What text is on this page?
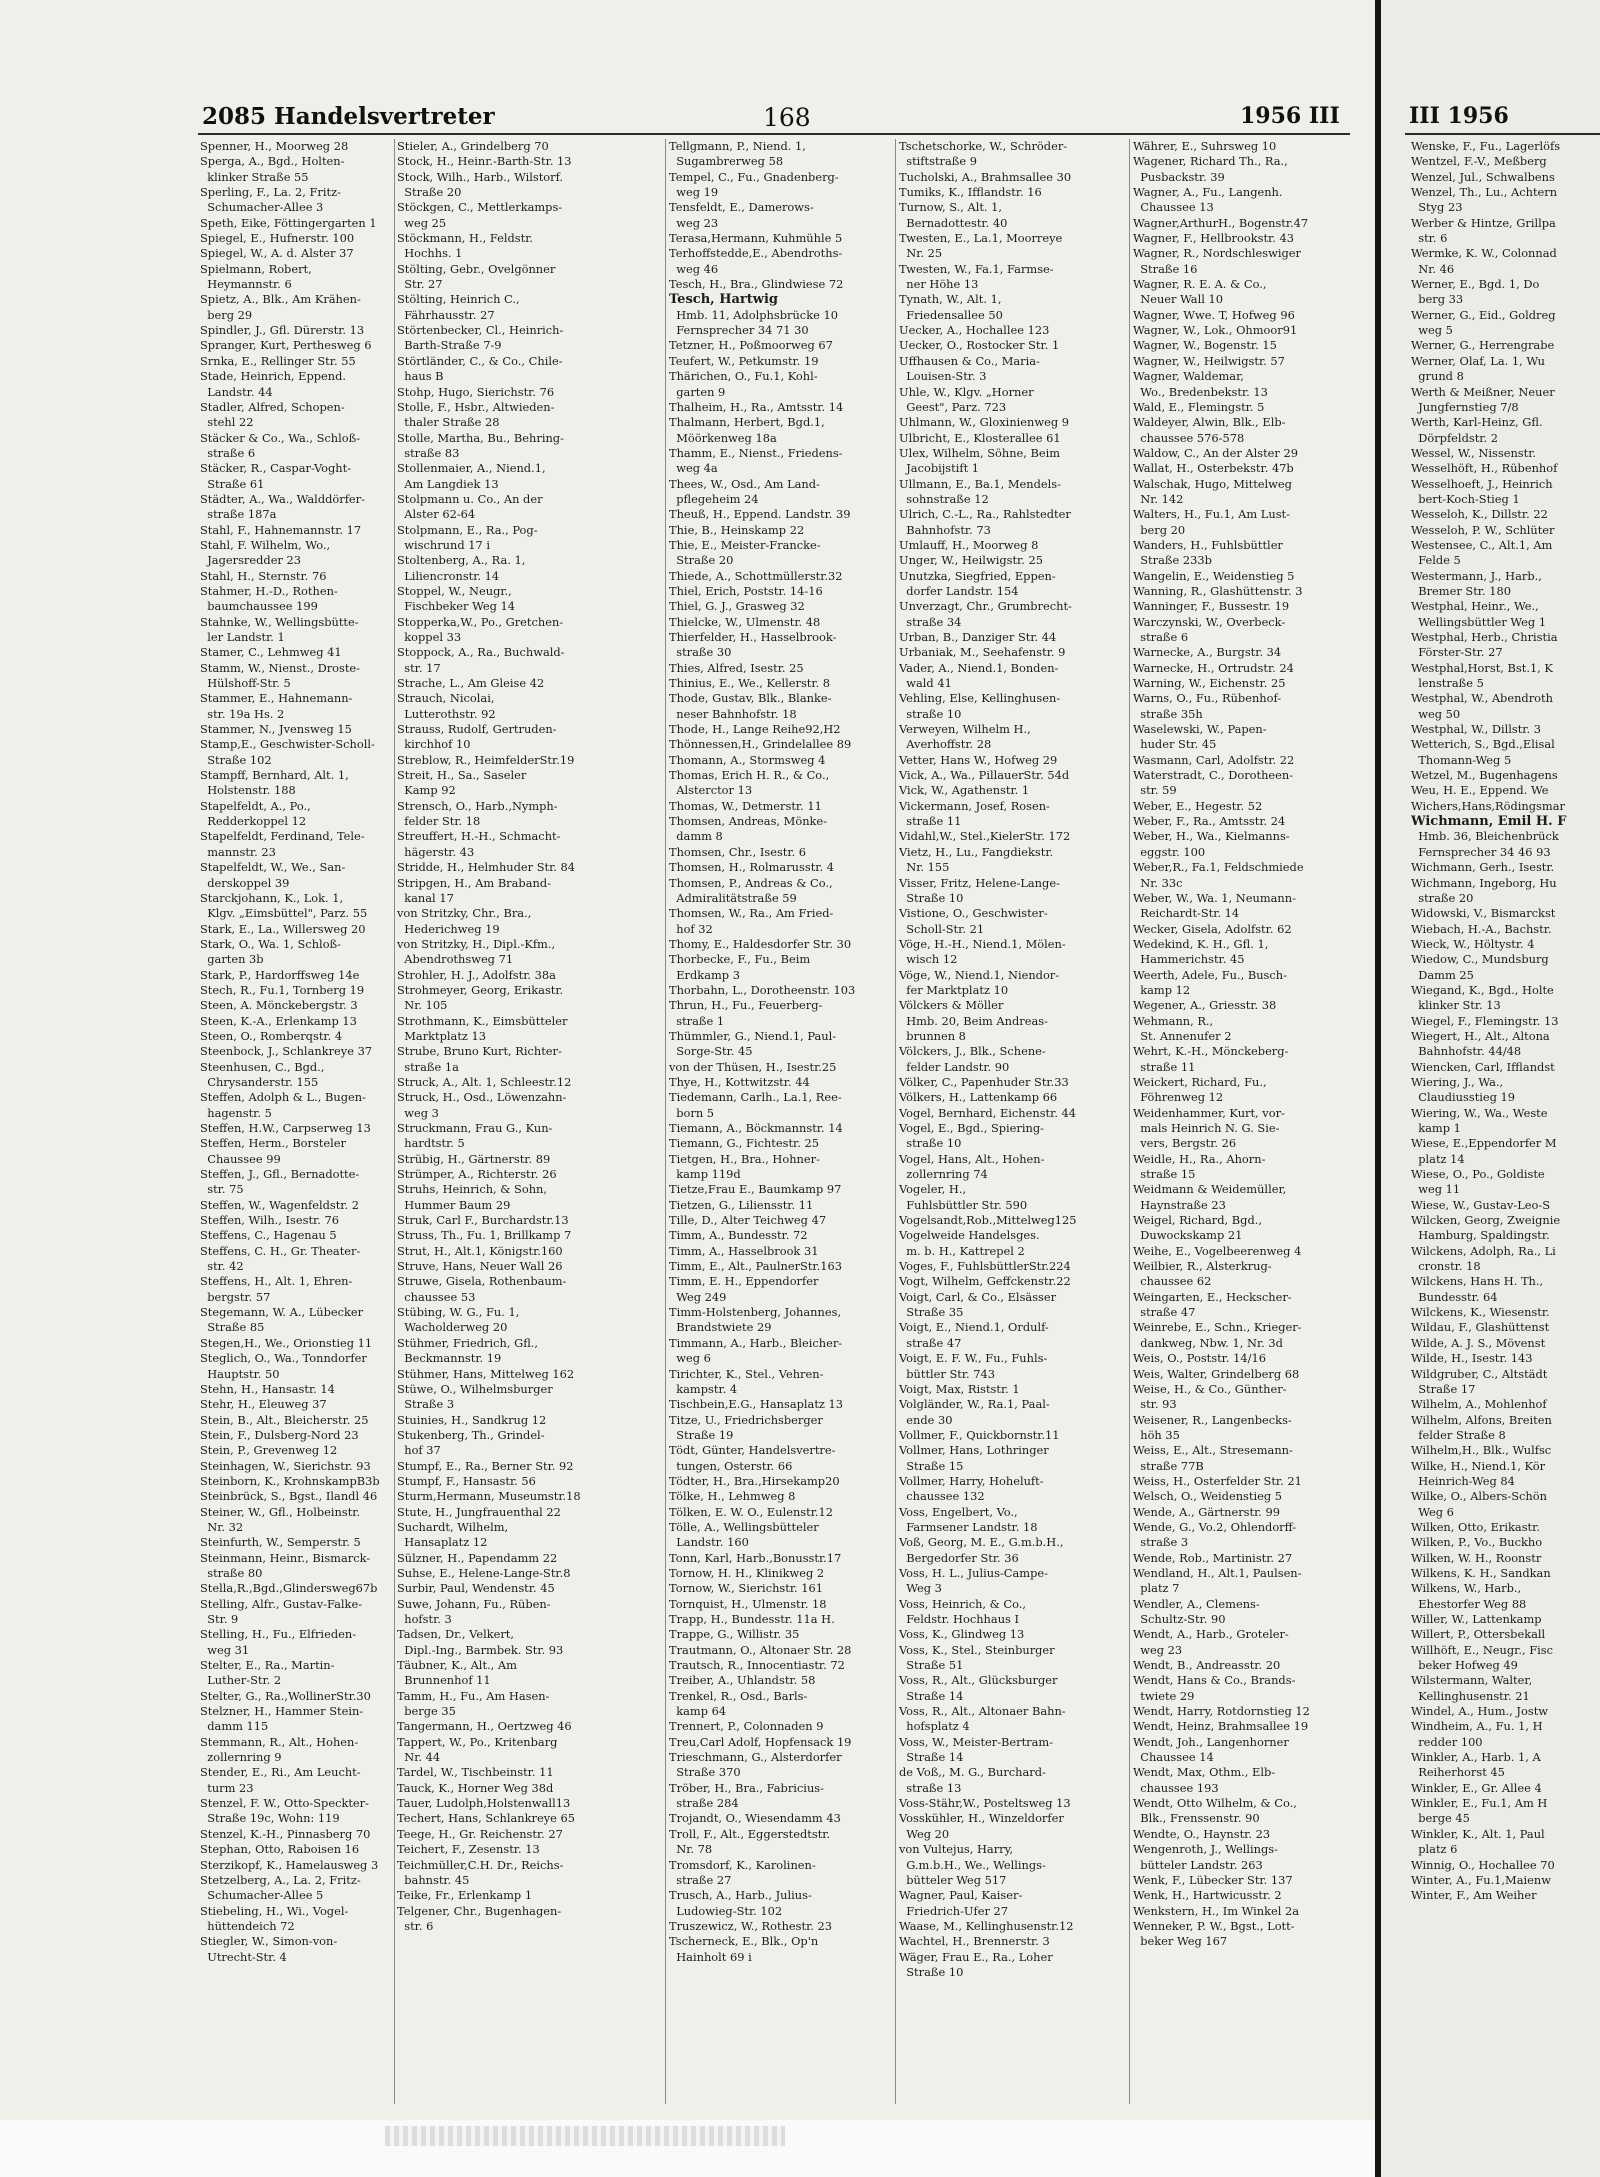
2085 Handelsvertreter	168	1956 III	III 1956
Spenner, H., Moorweg 28
Sperga, A., Bgd., Holten-
klinker Straße 55
Sperling, F., La. 2, Fritz-
Schumacher-Allee 3
Speth, Eike, Föttingergarten 1
Spiegel, E., Hufnerstr. 100
Spiegel, W., A. d. Alster 37
Spielmann, Robert,
Heymannstr. 6
Spietz, A., Blk., Am Krähen-
berg 29
Spindler, J., Gfl. Dürerstr. 13
Spranger, Kurt, Perthesweg 6
Srnka, E., Rellinger Str. 55
Stade, Heinrich, Eppend.
Landstr. 44
Stadler, Alfred, Schopen-
stehl 22
Stäcker & Co., Wa., Schloß-
straße 6
Stäcker, R., Caspar-Voght-
Straße 61
Städter, A., Wa., Walddörfer-
straße 187a
Stahl, F., Hahnemannstr. 17
Stahl, F. Wilhelm, Wo.,
Jagersredder 23
Stahl, H., Sternstr. 76
Stahmer, H.-D., Rothen-
baumchaussee 199
Stahnke, W., Wellingsbütte-
ler Landstr. 1
Stamer, C., Lehmweg 41
Stamm, W., Nienst., Droste-
Hülshoff-Str. 5
Stammer, E., Hahnemann-
str. 19a Hs. 2
Stammer, N., Jvensweg 15
Stamp,E., Geschwister-Scholl-
Straße 102
Stampff, Bernhard, Alt. 1,
Holstenstr. 188
Stapelfeldt, A., Po.,
Redderkoppel 12
Stapelfeldt, Ferdinand, Tele-
mannstr. 23
Stapelfeldt, W., We., San-
derskoppel 39
Starckjohann, K., Lok. 1,
Klgv. „Eimsbüttel", Parz. 55
Stark, E., La., Willersweg 20
Stark, O., Wa. 1, Schloß-
garten 3b
Stark, P., Hardorffsweg 14e
Stech, R., Fu.1, Tornberg 19
Steen, A. Mönckebergstr. 3
Steen, K.-A., Erlenkamp 13
Steen, O., Romberqstr. 4
Steenbock, J., Schlankreye 37
Steenhusen, C., Bgd.,
Chrysanderstr. 155
Steffen, Adolph & L., Bugen-
hagenstr. 5
Steffen, H.W., Carpserweg 13
Steffen, Herm., Borsteler
Chaussee 99
Steffen, J., Gfl., Bernadotte-
str. 75
Steffen, W., Wagenfeldstr. 2
Steffen, Wilh., Isestr. 76
Steffens, C., Hagenau 5
Steffens, C. H., Gr. Theater-
str. 42
Steffens, H., Alt. 1, Ehren-
bergstr. 57
Stegemann, W. A., Lübecker
Straße 85
Stegen,H., We., Orionstieg 11
Steglich, O., Wa., Tonndorfer
Hauptstr. 50
Stehn, H., Hansastr. 14
Stehr, H., Eleuweg 37
Stein, B., Alt., Bleicherstr. 25
Stein, F., Dulsberg-Nord 23
Stein, P., Grevenweg 12
Steinhagen, W., Sierichstr. 93
Steinborn, K., KrohnskampB3b
Steinbrück, S., Bgst., Ilandl 46
Steiner, W., Gfl., Holbeinstr.
Nr. 32
Steinfurth, W., Semperstr. 5
Steinmann, Heinr., Bismarck-
straße 80
Stella,R.,Bgd.,Glindersweg67b
Stelling, Alfr., Gustav-Falke-
Str. 9
Stelling, H., Fu., Elfrieden-
weg 31
Stelter, E., Ra., Martin-
Luther-Str. 2
Stelter, G., Ra.,WollinerStr.30
Stelzner, H., Hammer Stein-
damm 115
Stemmann, R., Alt., Hohen-
zollernring 9
Stender, E., Ri., Am Leucht-
turm 23
Stenzel, F. W., Otto-Speckter-
Straße 19c, Wohn: 119
Stenzel, K.-H., Pinnasberg 70
Stephan, Otto, Raboisen 16
Sterzikopf, K., Hamelausweg 3
Stetzelberg, A., La. 2, Fritz-
Schumacher-Allee 5
Stiebeling, H., Wi., Vogel-
hüttendeich 72
Stiegler, W., Simon-von-
Utrecht-Str. 4
Stieler, A., Grindelberg 70
Stock, H., Heinr.-Barth-Str. 13
Stock, Wilh., Harb., Wilstorf.
Straße 20
Stöckgen, C., Mettlerkamps-
weg 25
Stöckmann, H., Feldstr.
Hochhs. 1
Stölting, Gebr., Ovelgönner
Str. 27
Stölting, Heinrich C.,
Fährhausstr. 27
Störtenbecker, Cl., Heinrich-
Barth-Straße 7-9
Störtländer, C., & Co., Chile-
haus B
Stohp, Hugo, Sierichstr. 76
Stolle, F., Hsbr., Altwieden-
thaler Straße 28
Stolle, Martha, Bu., Behring-
straße 83
Stollenmaier, A., Niend.1,
Am Langdiek 13
Stolpmann u. Co., An der
Alster 62-64
Stolpmann, E., Ra., Pog-
wischrund 17 i
Stoltenberg, A., Ra. 1,
Liliencronstr. 14
Stoppel, W., Neugr.,
Fischbeker Weg 14
Stopperka,W., Po., Gretchen-
koppel 33
Stoppock, A., Ra., Buchwald-
str. 17
Strache, L., Am Gleise 42
Strauch, Nicolai,
Lutterothstr. 92
Strauss, Rudolf, Gertruden-
kirchhof 10
Streblow, R., HeimfelderStr.19
Streit, H., Sa., Saseler
Kamp 92
Strensch, O., Harb.,Nymph-
felder Str. 18
Streuffert, H.-H., Schmacht-
hägerstr. 43
Stridde, H., Helmhuder Str. 84
Stripgen, H., Am Braband-
kanal 17
von Stritzky, Chr., Bra.,
Hederichweg 19
von Stritzky, H., Dipl.-Kfm.,
Abendrothsweg 71
Strohler, H. J., Adolfstr. 38a
Strohmeyer, Georg, Erikastr.
Nr. 105
Strothmann, K., Eimsbütteler
Marktplatz 13
Strube, Bruno Kurt, Richter-
straße 1a
Struck, A., Alt. 1, Schleestr.12
Struck, H., Osd., Löwenzahn-
weg 3
Struckmann, Frau G., Kun-
hardtstr. 5
Strübig, H., Gärtnerstr. 89
Strümper, A., Richterstr. 26
Struhs, Heinrich, & Sohn,
Hummer Baum 29
Struk, Carl F., Burchardstr.13
Struss, Th., Fu. 1, Brillkamp 7
Strut, H., Alt.1, Königstr.160
Struve, Hans, Neuer Wall 26
Struwe, Gisela, Rothenbaum-
chaussee 53
Stübing, W. G., Fu. 1,
Wacholderweg 20
Stühmer, Friedrich, Gfl.,
Beckmannstr. 19
Stühmer, Hans, Mittelweg 162
Stüwe, O., Wilhelmsburger
Straße 3
Stuinies, H., Sandkrug 12
Stukenberg, Th., Grindel-
hof 37
Stumpf, E., Ra., Berner Str. 92
Stumpf, F., Hansastr. 56
Sturm,Hermann, Museumstr.18
Stute, H., Jungfrauenthal 22
Suchardt, Wilhelm,
Hansaplatz 12
Sülzner, H., Papendamm 22
Suhse, E., Helene-Lange-Str.8
Surbir, Paul, Wendenstr. 45
Suwe, Johann, Fu., Rüben-
hofstr. 3
Tadsen, Dr., Velkert,
Dipl.-Ing., Barmbek. Str. 93
Täubner, K., Alt., Am
Brunnenhof 11
Tamm, H., Fu., Am Hasen-
berge 35
Tangermann, H., Oertzweg 46
Tappert, W., Po., Kritenbarg
Nr. 44
Tardel, W., Tischbeinstr. 11
Tauck, K., Horner Weg 38d
Tauer, Ludolph,Holstenwall13
Techert, Hans, Schlankreye 65
Teege, H., Gr. Reichenstr. 27
Teichert, F., Zesenstr. 13
Teichmüller,C.H. Dr., Reichs-
bahnstr. 45
Teike, Fr., Erlenkamp 1
Telgener, Chr., Bugenhagen-
str. 6
Tellgmann, P., Niend. 1,
Sugambrerweg 58
Tempel, C., Fu., Gnadenberg-
weg 19
Tensfeldt, E., Damerows-
weg 23
Terasa,Hermann, Kuhmühle 5
Terhoffstedde,E., Abendroths-
weg 46
Tesch, H., Bra., Glindwiese 72
Tesch, Hartwig
Hmb. 11, Adolphsbrücke 10
Fernsprecher 34 71 30
Tetzner, H., Poßmoorweg 67
Teufert, W., Petkumstr. 19
Thärichen, O., Fu.1, Kohl-
garten 9
Thalheim, H., Ra., Amtsstr. 14
Thalmann, Herbert, Bgd.1,
Möörkenweg 18a
Thamm, E., Nienst., Friedens-
weg 4a
Thees, W., Osd., Am Land-
pflegeheim 24
Theuß, H., Eppend. Landstr. 39
Thie, B., Heinskamp 22
Thie, E., Meister-Francke-
Straße 20
Thiede, A., Schottmüllerstr.32
Thiel, Erich, Poststr. 14-16
Thiel, G. J., Grasweg 32
Thielcke, W., Ulmenstr. 48
Thierfelder, H., Hasselbrook-
straße 30
Thies, Alfred, Isestr. 25
Thinius, E., We., Kellerstr. 8
Thode, Gustav, Blk., Blanke-
neser Bahnhofstr. 18
Thode, H., Lange Reihe92,H2
Thönnessen,H., Grindelallee 89
Thomann, A., Stormsweg 4
Thomas, Erich H. R., & Co.,
Alsterctor 13
Thomas, W., Detmerstr. 11
Thomsen, Andreas, Mönke-
damm 8
Thomsen, Chr., Isestr. 6
Thomsen, H., Rolmarusstr. 4
Thomsen, P., Andreas & Co.,
Admiralitätstraße 59
Thomsen, W., Ra., Am Fried-
hof 32
Thomy, E., Haldesdorfer Str. 30
Thorbecke, F., Fu., Beim
Erdkamp 3
Thorbahn, L., Dorotheenstr. 103
Thrun, H., Fu., Feuerberg-
straße 1
Thümmler, G., Niend.1, Paul-
Sorge-Str. 45
von der Thüsen, H., Isestr.25
Thye, H., Kottwitzstr. 44
Tiedemann, Carlh., La.1, Ree-
born 5
Tiemann, A., Böckmannstr. 14
Tiemann, G., Fichtestr. 25
Tietgen, H., Bra., Hohner-
kamp 119d
Tietze,Frau E., Baumkamp 97
Tietzen, G., Liliensstr. 11
Tille, D., Alter Teichweg 47
Timm, A., Bundesstr. 72
Timm, A., Hasselbrook 31
Timm, E., Alt., PaulnerStr.163
Timm, E. H., Eppendorfer
Weg 249
Timm-Holstenberg, Johannes,
Brandstwiete 29
Timmann, A., Harb., Bleicher-
weg 6
Tirichter, K., Stel., Vehren-
kampstr. 4
Tischbein,E.G., Hansaplatz 13
Titze, U., Friedrichsberger
Straße 19
Tödt, Günter, Handelsvertre-
tungen, Osterstr. 66
Tödter, H., Bra.,Hirsekamp20
Tölke, H., Lehmweg 8
Tölken, E. W. O., Eulenstr.12
Tölle, A., Wellingsbütteler
Landstr. 160
Tonn, Karl, Harb.,Bonusstr.17
Tornow, H. H., Klinikweg 2
Tornow, W., Sierichstr. 161
Tornquist, H., Ulmenstr. 18
Trapp, H., Bundesstr. 11a H.
Trappe, G., Willistr. 35
Trautmann, O., Altonaer Str. 28
Trautsch, R., Innocentiastr. 72
Treiber, A., Uhlandstr. 58
Trenkel, R., Osd., Barls-
kamp 64
Trennert, P., Colonnaden 9
Treu,Carl Adolf, Hopfensack 19
Trieschmann, G., Alsterdorfer
Straße 370
Tröber, H., Bra., Fabricius-
straße 284
Trojandt, O., Wiesendamm 43
Troll, F., Alt., Eggerstedtstr.
Nr. 78
Tromsdorf, K., Karolinen-
straße 27
Trusch, A., Harb., Julius-
Ludowieg-Str. 102
Truszewicz, W., Rothestr. 23
Tscherneck, E., Blk., Op'n
Hainholt 69 i
Tschetschorke, W., Schröder-
stiftstraße 9
Tucholski, A., Brahmsallee 30
Tumiks, K., Ifflandstr. 16
Turnow, S., Alt. 1,
Bernadottestr. 40
Twesten, E., La.1, Moorreye
Nr. 25
Twesten, W., Fa.1, Farmse-
ner Höhe 13
Tynath, W., Alt. 1,
Friedensallee 50
Uecker, A., Hochallee 123
Uecker, O., Rostocker Str. 1
Uffhausen & Co., Maria-
Louisen-Str. 3
Uhle, W., Klgv. „Horner
Geest", Parz. 723
Uhlmann, W., Gloxinienweg 9
Ulbricht, E., Klosterallee 61
Ulex, Wilhelm, Söhne, Beim
Jacobijstift 1
Ullmann, E., Ba.1, Mendels-
sohnstraße 12
Ulrich, C.-L., Ra., Rahlstedter
Bahnhofstr. 73
Umlauff, H., Moorweg 8
Unger, W., Heilwigstr. 25
Unutzka, Siegfried, Eppen-
dorfer Landstr. 154
Unverzagt, Chr., Grumbrecht-
straße 34
Urban, B., Danziger Str. 44
Urbaniak, M., Seehafenstr. 9
Vader, A., Niend.1, Bonden-
wald 41
Vehling, Else, Kellinghusen-
straße 10
Verweyen, Wilhelm H.,
Averhoffstr. 28
Vetter, Hans W., Hofweg 29
Vick, A., Wa., PillauerStr. 54d
Vick, W., Agathenstr. 1
Vickermann, Josef, Rosen-
straße 11
Vidahl,W., Stel.,KielerStr. 172
Vietz, H., Lu., Fangdiekstr.
Nr. 155
Visser, Fritz, Helene-Lange-
Straße 10
Vistione, O., Geschwister-
Scholl-Str. 21
Vöge, H.-H., Niend.1, Mölen-
wisch 12
Vöge, W., Niend.1, Niendor-
fer Marktplatz 10
Völckers & Möller
Hmb. 20, Beim Andreas-
brunnen 8
Völckers, J., Blk., Schene-
felder Landstr. 90
Völker, C., Papenhuder Str.33
Völkers, H., Lattenkamp 66
Vogel, Bernhard, Eichenstr. 44
Vogel, E., Bgd., Spiering-
straße 10
Vogel, Hans, Alt., Hohen-
zollernring 74
Vogeler, H.,
Fuhlsbüttler Str. 590
Vogelsandt,Rob.,Mittelweg125
Vogelweide Handelsges.
m. b. H., Kattrepel 2
Voges, F., FuhlsbüttlerStr.224
Vogt, Wilhelm, Geffckenstr.22
Voigt, Carl, & Co., Elsässer
Straße 35
Voigt, E., Niend.1, Ordulf-
straße 47
Voigt, E. F. W., Fu., Fuhls-
büttler Str. 743
Voigt, Max, Riststr. 1
Volgländer, W., Ra.1, Paal-
ende 30
Vollmer, F., Quickbornstr.11
Vollmer, Hans, Lothringer
Straße 15
Vollmer, Harry, Hoheluft-
chaussee 132
Voss, Engelbert, Vo.,
Farmsener Landstr. 18
Voß, Georg, M. E., G.m.b.H.,
Bergedorfer Str. 36
Voss, H. L., Julius-Campe-
Weg 3
Voss, Heinrich, & Co.,
Feldstr. Hochhaus I
Voss, K., Glindweg 13
Voss, K., Stel., Steinburger
Straße 51
Voss, R., Alt., Glücksburger
Straße 14
Voss, R., Alt., Altonaer Bahn-
hofsplatz 4
Voss, W., Meister-Bertram-
Straße 14
de Voß,, M. G., Burchard-
straße 13
Voss-Stähr,W., Posteltsweg 13
Vosskühler, H., Winzeldorfer
Weg 20
von Vultejus, Harry,
G.m.b.H., We., Wellings-
bütteler Weg 517
Wagner, Paul, Kaiser-
Friedrich-Ufer 27
Waase, M., Kellinghusenstr.12
Wachtel, H., Brennerstr. 3
Wäger, Frau E., Ra., Loher
Straße 10
Währer, E., Suhrsweg 10
Wagener, Richard Th., Ra.,
Pusbackstr. 39
Wagner, A., Fu., Langenh.
Chaussee 13
Wagner,ArthurH., Bogenstr.47
Wagner, F., Hellbrookstr. 43
Wagner, R., Nordschleswiger
Straße 16
Wagner, R. E. A. & Co.,
Neuer Wall 10
Wagner, Wwe. T, Hofweg 96
Wagner, W., Lok., Ohmoor91
Wagner, W., Bogenstr. 15
Wagner, W., Heilwigstr. 57
Wagner, Waldemar,
Wo., Bredenbekstr. 13
Wald, E., Flemingstr. 5
Waldeyer, Alwin, Blk., Elb-
chaussee 576-578
Waldow, C., An der Alster 29
Wallat, H., Osterbekstr. 47b
Walschak, Hugo, Mittelweg
Nr. 142
Walters, H., Fu.1, Am Lust-
berg 20
Wanders, H., Fuhlsbüttler
Straße 233b
Wangelin, E., Weidenstieg 5
Wanning, R., Glashüttenstr. 3
Wanninger, F., Bussestr. 19
Warczynski, W., Overbeck-
straße 6
Warnecke, A., Burgstr. 34
Warnecke, H., Ortrudstr. 24
Warning, W., Eichenstr. 25
Warns, O., Fu., Rübenhof-
straße 35h
Waselewski, W., Papen-
huder Str. 45
Wasmann, Carl, Adolfstr. 22
Waterstradt, C., Dorotheen-
str. 59
Weber, E., Hegestr. 52
Weber, F., Ra., Amtsstr. 24
Weber, H., Wa., Kielmanns-
eggstr. 100
Weber,R., Fa.1, Feldschmiede
Nr. 33c
Weber, W., Wa. 1, Neumann-
Reichardt-Str. 14
Wecker, Gisela, Adolfstr. 62
Wedekind, K. H., Gfl. 1,
Hammerichstr. 45
Weerth, Adele, Fu., Busch-
kamp 12
Wegener, A., Griesstr. 38
Wehmann, R.,
St. Annenufer 2
Wehrt, K.-H., Mönckeberg-
straße 11
Weickert, Richard, Fu.,
Föhrenweg 12
Weidenhammer, Kurt, vor-
mals Heinrich N. G. Sie-
vers, Bergstr. 26
Weidle, H., Ra., Ahorn-
straße 15
Weidmann & Weidemüller,
Haynstraße 23
Weigel, Richard, Bgd.,
Duwockskamp 21
Weihe, E., Vogelbeerenweg 4
Weilbier, R., Alsterkrug-
chaussee 62
Weingarten, E., Heckscher-
straße 47
Weinrebe, E., Schn., Krieger-
dankweg, Nbw. 1, Nr. 3d
Weis, O., Poststr. 14/16
Weis, Walter, Grindelberg 68
Weise, H., & Co., Günther-
str. 93
Weisener, R., Langenbecks-
höh 35
Weiss, E., Alt., Stresemann-
straße 77B
Weiss, H., Osterfelder Str. 21
Welsch, O., Weidenstieg 5
Wende, A., Gärtnerstr. 99
Wende, G., Vo.2, Ohlendorff-
straße 3
Wende, Rob., Martinistr. 27
Wendland, H., Alt.1, Paulsen-
platz 7
Wendler, A., Clemens-
Schultz-Str. 90
Wendt, A., Harb., Groteler-
weg 23
Wendt, B., Andreasstr. 20
Wendt, Hans & Co., Brands-
twiete 29
Wendt, Harry, Rotdornstieg 12
Wendt, Heinz, Brahmsallee 19
Wendt, Joh., Langenhorner
Chaussee 14
Wendt, Max, Othm., Elb-
chaussee 193
Wendt, Otto Wilhelm, & Co.,
Blk., Frenssenstr. 90
Wendte, O., Haynstr. 23
Wengenroth, J., Wellings-
bütteler Landstr. 263
Wenk, F., Lübecker Str. 137
Wenk, H., Hartwicusstr. 2
Wenkstern, H., Im Winkel 2a
Wenneker, P. W., Bgst., Lott-
beker Weg 167
Wenske, F., Fu., Lagerlöfs
Wentzel, F.-V., Meßberg
Wenzel, Jul., Schwalbens
Wenzel, Th., Lu., Achtern
Styg 23
Werber & Hintze, Grillpa
str. 6
Wermke, K. W., Colonnad
Nr. 46
Werner, E., Bgd. 1, Do
berg 33
Werner, G., Eid., Goldreg
weg 5
Werner, G., Herrengrabe
Werner, Olaf, La. 1, Wu
grund 8
Werth & Meißner, Neuer
Jungfernstieg 7/8
Werth, Karl-Heinz, Gfl.
Dörpfeldstr. 2
Wessel, W., Nissenstr.
Wesselhöft, H., Rübenhof
Wesselhoeft, J., Heinrich
bert-Koch-Stieg 1
Wesseloh, K., Dillstr. 22
Wesseloh, P. W., Schlüter
Westensee, C., Alt.1, Am
Felde 5
Westermann, J., Harb.,
Bremer Str. 180
Westphal, Heinr., We.,
Wellingsbüttler Weg 1
Westphal, Herb., Christia
Förster-Str. 27
Westphal,Horst, Bst.1, K
lenstraße 5
Westphal, W., Abendroth
weg 50
Westphal, W., Dillstr. 3
Wetterich, S., Bgd.,Elisal
Thomann-Weg 5
Wetzel, M., Bugenhagens
Weu, H. E., Eppend. We
Wichers,Hans,Rödingsmar
Wichmann, Emil H. F
Hmb. 36, Bleichenbrück
Fernsprecher 34 46 93
Wichmann, Gerh., Isestr.
Wichmann, Ingeborg, Hu
straße 20
Widowski, V., Bismarckst
Wiebach, H.-A., Bachstr.
Wieck, W., Höltystr. 4
Wiedow, C., Mundsburg
Damm 25
Wiegand, K., Bgd., Holte
klinker Str. 13
Wiegel, F., Flemingstr. 13
Wiegert, H., Alt., Altona
Bahnhofstr. 44/48
Wiencken, Carl, Ifflandst
Wiering, J., Wa.,
Claudiusstieg 19
Wiering, W., Wa., Weste
kamp 1
Wiese, E.,Eppendorfer M
platz 14
Wiese, O., Po., Goldiste
weg 11
Wiese, W., Gustav-Leo-S
Wilcken, Georg, Zweignie
Hamburg, Spaldingstr.
Wilckens, Adolph, Ra., Li
cronstr. 18
Wilckens, Hans H. Th.,
Bundesstr. 64
Wilckens, K., Wiesenstr.
Wildau, F., Glashüttenst
Wilde, A. J. S., Mövenst
Wilde, H., Isestr. 143
Wildgruber, C., Altstädt
Straße 17
Wilhelm, A., Mohlenhof
Wilhelm, Alfons, Breiten
felder Straße 8
Wilhelm,H., Blk., Wulfsc
Wilke, H., Niend.1, Kör
Heinrich-Weg 84
Wilke, O., Albers-Schön
Weg 6
Wilken, Otto, Erikastr.
Wilken, P., Vo., Buckho
Wilken, W. H., Roonstr
Wilkens, K. H., Sandkan
Wilkens, W., Harb.,
Ehestorfer Weg 88
Willer, W., Lattenkamp
Willert, P., Ottersbekall
Willhöft, E., Neugr., Fisc
beker Hofweg 49
Wilstermann, Walter,
Kellinghusenstr. 21
Windel, A., Hum., Jostw
Windheim, A., Fu. 1, H
redder 100
Winkler, A., Harb. 1, A
Reiherhorst 45
Winkler, E., Gr. Allee 4
Winkler, E., Fu.1, Am H
berge 45
Winkler, K., Alt. 1, Paul
platz 6
Winnig, O., Hochallee 70
Winter, A., Fu.1,Maienw
Winter, F., Am Weiher
